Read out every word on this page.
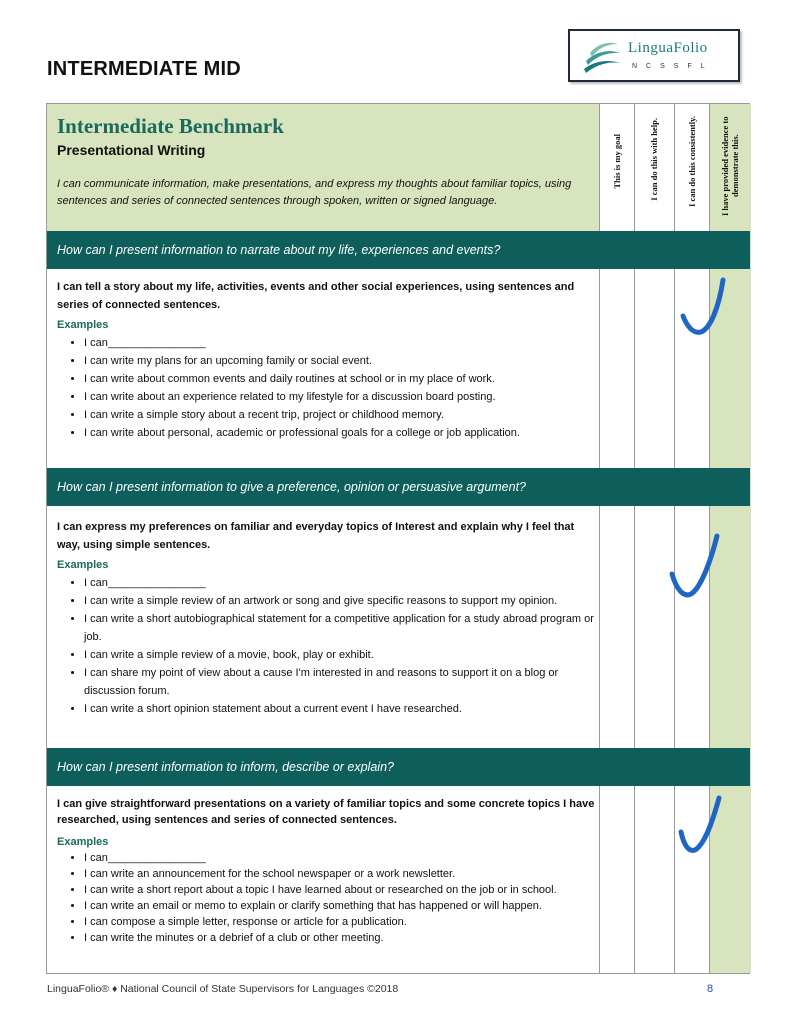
INTERMEDIATE MID
LinguaFolio
NCSSFL
This is my goal	I can do this with help.	I can do this consistently.	I have provided evidence to demonstrate this.
Intermediate Benchmark
Presentational Writing
I can communicate information, make presentations, and express my thoughts about familiar topics, using sentences and series of connected sentences through spoken, written or signed language.
How can I present information to narrate about my life, experiences and events?
I can tell a story about my life, activities, events and other social experiences, using sentences and series of connected sentences.
Examples
• I can________________
• I can write my plans for an upcoming family or social event.
• I can write about common events and daily routines at school or in my place of work.
• I can write about an experience related to my lifestyle for a discussion board posting.
• I can write a simple story about a recent trip, project or childhood memory.
• I can write about personal, academic or professional goals for a college or job application.
How can I present information to give a preference, opinion or persuasive argument?
I can express my preferences on familiar and everyday topics of Interest and explain why I feel that way, using simple sentences.
Examples
• I can________________
• I can write a simple review of an artwork or song and give specific reasons to support my opinion.
• I can write a short autobiographical statement for a competitive application for a study abroad program or job.
• I can write a simple review of a movie, book, play or exhibit.
• I can share my point of view about a cause I'm interested in and reasons to support it on a blog or discussion forum.
• I can write a short opinion statement about a current event I have researched.
How can I present information to inform, describe or explain?
I can give straightforward presentations on a variety of familiar topics and some concrete topics I have researched, using sentences and series of connected sentences.
Examples
• I can________________
• I can write an announcement for the school newspaper or a work newsletter.
• I can write a short report about a topic I have learned about or researched on the job or in school.
• I can write an email or memo to explain or clarify something that has happened or will happen.
• I can compose a simple letter, response or article for a publication.
• I can write the minutes or a debrief of a club or other meeting.
LinguaFolio® ♦ National Council of State Supervisors for Languages ©2018	8
